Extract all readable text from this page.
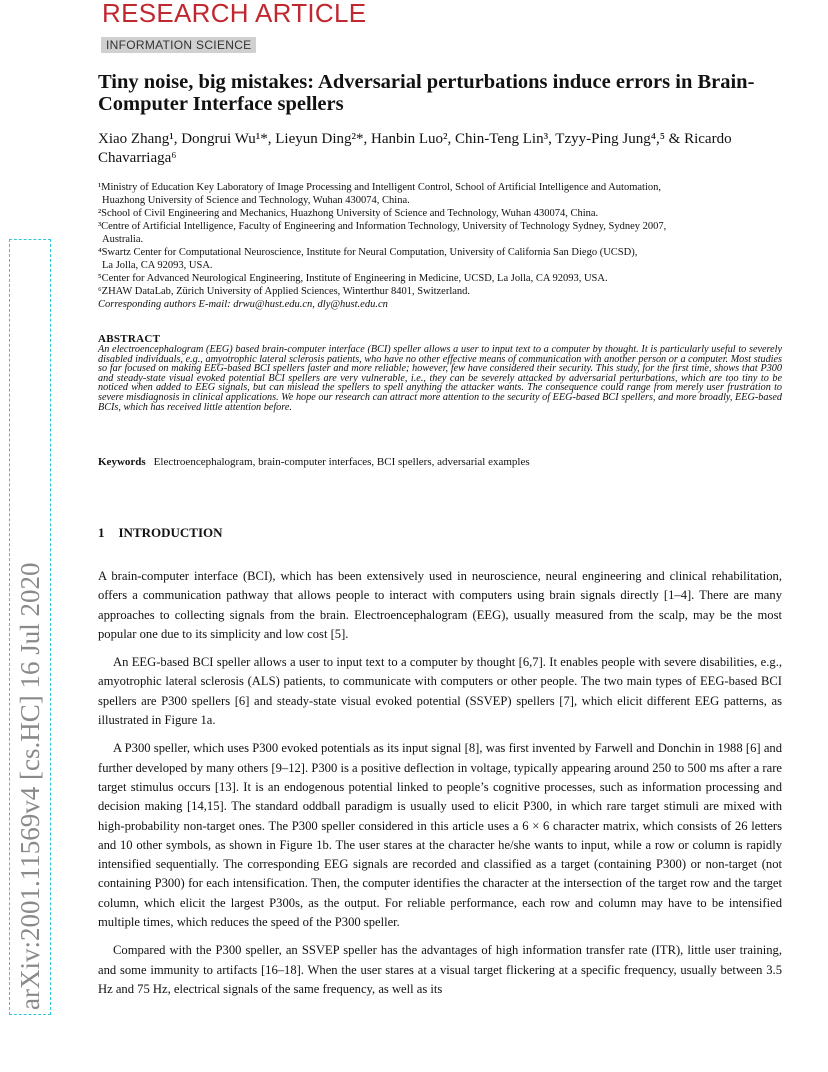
RESEARCH ARTICLE
INFORMATION SCIENCE
arXiv:2001.11569v4 [cs.HC] 16 Jul 2020
Tiny noise, big mistakes: Adversarial perturbations induce errors in Brain-Computer Interface spellers
Xiao Zhang¹, Dongrui Wu¹*, Lieyun Ding²*, Hanbin Luo², Chin-Teng Lin³, Tzyy-Ping Jung⁴,⁵ & Ricardo Chavarriaga⁶

¹Ministry of Education Key Laboratory of Image Processing and Intelligent Control, School of Artificial Intelligence and Automation,

Huazhong University of Science and Technology, Wuhan 430074, China.

²School of Civil Engineering and Mechanics, Huazhong University of Science and Technology, Wuhan 430074, China.

³Centre of Artificial Intelligence, Faculty of Engineering and Information Technology, University of Technology Sydney, Sydney 2007,

Australia.

⁴Swartz Center for Computational Neuroscience, Institute for Neural Computation, University of California San Diego (UCSD),

La Jolla, CA 92093, USA.

⁵Center for Advanced Neurological Engineering, Institute of Engineering in Medicine, UCSD, La Jolla, CA 92093, USA.

⁶ZHAW DataLab, Zürich University of Applied Sciences, Winterthur 8401, Switzerland.

Corresponding authors E-mail: drwu@hust.edu.cn, dly@hust.edu.cn

ABSTRACT
An electroencephalogram (EEG) based brain-computer interface (BCI) speller allows a user to input text to a computer by thought. It is particularly useful to severely disabled individuals, e.g., amyotrophic lateral sclerosis patients, who have no other effective means of communication with another person or a computer. Most studies so far focused on making EEG-based BCI spellers faster and more reliable; however, few have considered their security. This study, for the first time, shows that P300 and steady-state visual evoked potential BCI spellers are very vulnerable, i.e., they can be severely attacked by adversarial perturbations, which are too tiny to be noticed when added to EEG signals, but can mislead the spellers to spell anything the attacker wants. The consequence could range from merely user frustration to severe misdiagnosis in clinical applications. We hope our research can attract more attention to the security of EEG-based BCI spellers, and more broadly, EEG-based BCIs, which has received little attention before.
Keywords Electroencephalogram, brain-computer interfaces, BCI spellers, adversarial examples
1 INTRODUCTION

A brain-computer interface (BCI), which has been extensively used in neuroscience, neural engineering and clinical rehabilitation, offers a communication pathway that allows people to interact with computers using brain signals directly [1–4]. There are many approaches to collecting signals from the brain. Electroencephalogram (EEG), usually measured from the scalp, may be the most popular one due to its simplicity and low cost [5].

An EEG-based BCI speller allows a user to input text to a computer by thought [6,7]. It enables people with severe disabilities, e.g., amyotrophic lateral sclerosis (ALS) patients, to communicate with computers or other people. The two main types of EEG-based BCI spellers are P300 spellers [6] and steady-state visual evoked potential (SSVEP) spellers [7], which elicit different EEG patterns, as illustrated in Figure 1a.

A P300 speller, which uses P300 evoked potentials as its input signal [8], was first invented by Farwell and Donchin in 1988 [6] and further developed by many others [9–12]. P300 is a positive deflection in voltage, typically appearing around 250 to 500 ms after a rare target stimulus occurs [13]. It is an endogenous potential linked to people’s cognitive processes, such as information processing and decision making [14,15]. The standard oddball paradigm is usually used to elicit P300, in which rare target stimuli are mixed with high-probability non-target ones. The P300 speller considered in this article uses a 6 × 6 character matrix, which consists of 26 letters and 10 other symbols, as shown in Figure 1b. The user stares at the character he/she wants to input, while a row or column is rapidly intensified sequentially. The corresponding EEG signals are recorded and classified as a target (containing P300) or non-target (not containing P300) for each intensification. Then, the computer identifies the character at the intersection of the target row and the target column, which elicit the largest P300s, as the output. For reliable performance, each row and column may have to be intensified multiple times, which reduces the speed of the P300 speller.

Compared with the P300 speller, an SSVEP speller has the advantages of high information transfer rate (ITR), little user training, and some immunity to artifacts [16–18]. When the user stares at a visual target flickering at a specific frequency, usually between 3.5 Hz and 75 Hz, electrical signals of the same frequency, as well as its
